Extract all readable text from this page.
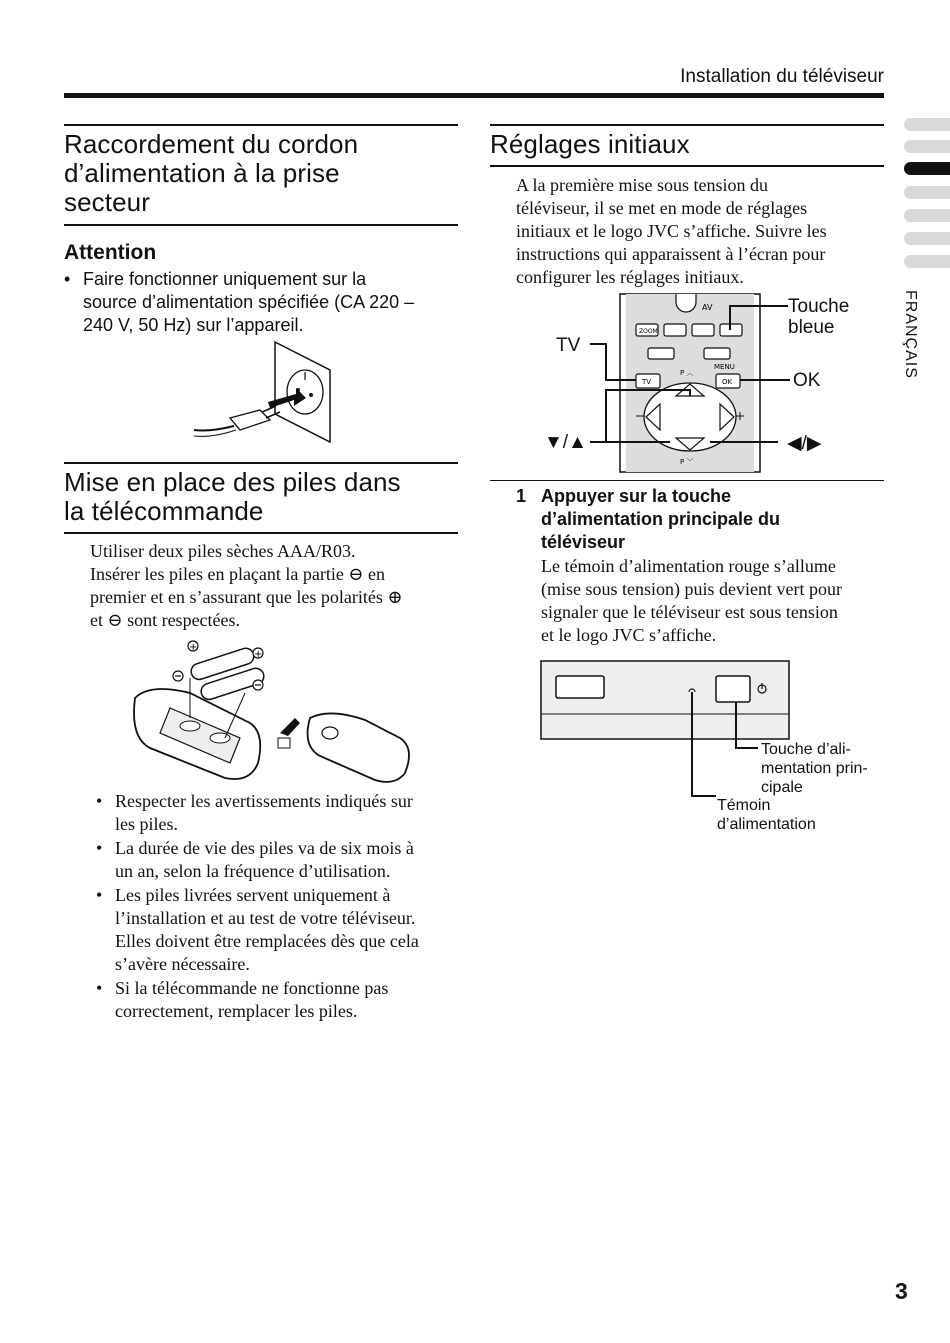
Installation du téléviseur
FRANÇAIS
Raccordement du cordon
d’alimentation à la prise
secteur
Attention
• Faire fonctionner uniquement sur la
source d’alimentation spécifiée (CA 220 –
240 V, 50 Hz) sur l’appareil.
Mise en place des piles dans
la télécommande
Utiliser deux piles sèches AAA/R03.
Insérer les piles en plaçant la partie ⊖ en
premier et en s’assurant que les polarités ⊕
et ⊖ sont respectées.
+
+
• Respecter les avertissements indiqués sur
les piles.
• La durée de vie des piles va de six mois à
un an, selon la fréquence d’utilisation.
• Les piles livrées servent uniquement à
l’installation et au test de votre téléviseur.
Elles doivent être remplacées dès que cela
s’avère nécessaire.
• Si la télécommande ne fonctionne pas
correctement, remplacer les piles.
Réglages initiaux
A la première mise sous tension du
téléviseur, il se met en mode de réglages
initiaux et le logo JVC s’affiche. Suivre les
instructions qui apparaissent à l’écran pour
configurer les réglages initiaux.
AV
ZOOM
MENU
TV	OK
P ︿
P ﹀
TV
Touche
bleue
OK
▼/▲	◀/▶
1 Appuyer sur la touche
d’alimentation principale du
téléviseur
Le témoin d’alimentation rouge s’allume
(mise sous tension) puis devient vert pour
signaler que le téléviseur est sous tension
et le logo JVC s’affiche.
Touche d’ali-
mentation prin-
cipale
Témoin
d’alimentation
3
